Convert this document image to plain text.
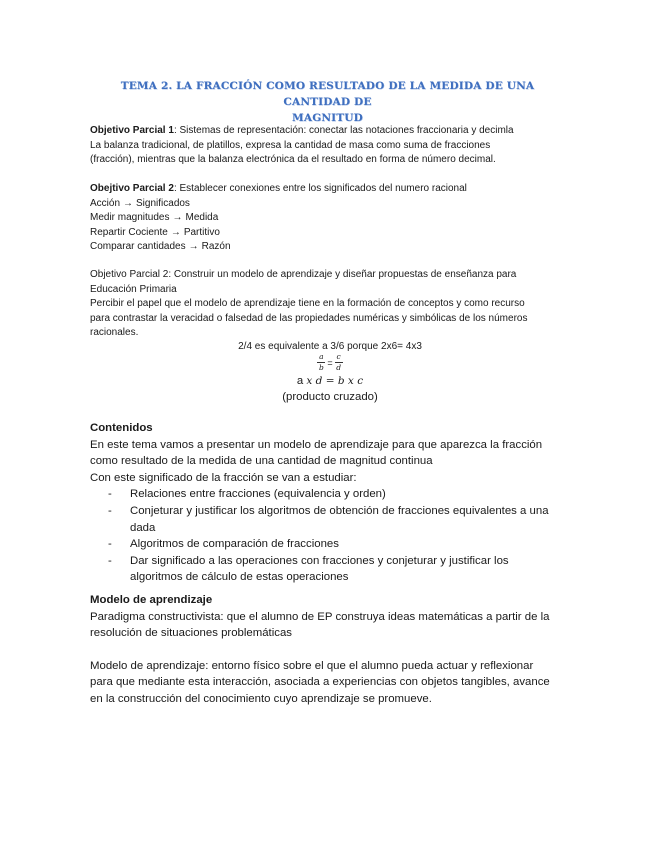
TEMA 2. LA FRACCIÓN COMO RESULTADO DE LA MEDIDA DE UNA CANTIDAD DE
MAGNITUD
Objetivo Parcial 1: Sistemas de representación: conectar las notaciones fraccionaria y decimla
La balanza tradicional, de platillos, expresa la cantidad de masa como suma de fracciones
(fracción), mientras que la balanza electrónica da el resultado en forma de número decimal.
Obejtivo Parcial 2: Establecer conexiones entre los significados del numero racional
Acción → Significados
Medir magnitudes → Medida
Repartir Cociente → Partitivo
Comparar cantidades → Razón
Objetivo Parcial 2: Construir un modelo de aprendizaje y diseñar propuestas de enseñanza para
Educación Primaria
Percibir el papel que el modelo de aprendizaje tiene en la formación de conceptos y como recurso
para contrastar la veracidad o falsedad de las propiedades numéricas y simbólicas de los números
racionales.
2/4 es equivalente a 3/6 porque 2x6= 4x3
$\frac{a}{b} = \frac{c}{d}$
a x d = b x c
(producto cruzado)
Contenidos
En este tema vamos a presentar un modelo de aprendizaje para que aparezca la fracción
como resultado de la medida de una cantidad de magnitud continua
Con este significado de la fracción se van a estudiar:
- Relaciones entre fracciones (equivalencia y orden)
- Conjeturar y justificar los algoritmos de obtención de fracciones equivalentes a una
dada
- Algoritmos de comparación de fracciones
- Dar significado a las operaciones con fracciones y conjeturar y justificar los
algoritmos de cálculo de estas operaciones
Modelo de aprendizaje
Paradigma constructivista: que el alumno de EP construya ideas matemáticas a partir de la
resolución de situaciones problemáticas
Modelo de aprendizaje: entorno físico sobre el que el alumno pueda actuar y reflexionar
para que mediante esta interacción, asociada a experiencias con objetos tangibles, avance
en la construcción del conocimiento cuyo aprendizaje se promueve.
